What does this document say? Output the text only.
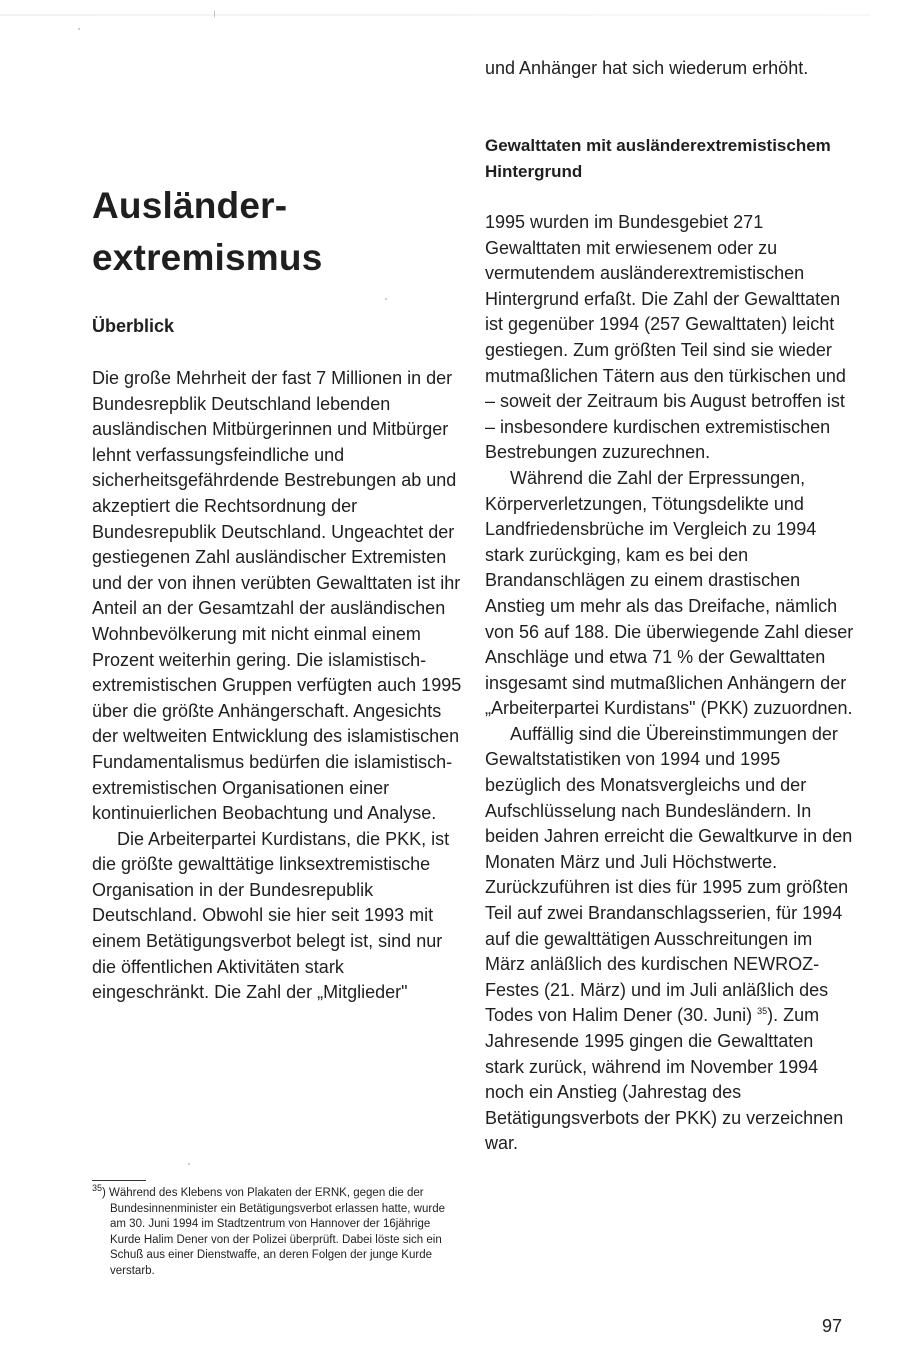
Ausländer-extremismus
Überblick

Die große Mehrheit der fast 7 Millionen in der Bundesrepblik Deutschland lebenden ausländischen Mitbürgerinnen und Mitbürger lehnt verfassungsfeindliche und sicherheitsgefährdende Bestrebungen ab und akzeptiert die Rechtsordnung der Bundesrepublik Deutschland. Ungeachtet der gestiegenen Zahl ausländischer Extremisten und der von ihnen verübten Gewalttaten ist ihr Anteil an der Gesamtzahl der ausländischen Wohnbevölkerung mit nicht einmal einem Prozent weiterhin gering. Die islamistisch-extremistischen Gruppen verfügten auch 1995 über die größte Anhängerschaft. Angesichts der weltweiten Entwicklung des islamistischen Fundamentalismus bedürfen die islamistisch-extremistischen Organisationen einer kontinuierlichen Beobachtung und Analyse.

Die Arbeiterpartei Kurdistans, die PKK, ist die größte gewalttätige linksextremistische Organisation in der Bundesrepublik Deutschland. Obwohl sie hier seit 1993 mit einem Betätigungsverbot belegt ist, sind nur die öffentlichen Aktivitäten stark eingeschränkt. Die Zahl der „Mitglieder"

und Anhänger hat sich wiederum erhöht.

Gewalttaten mit ausländerextremistischem Hintergrund

1995 wurden im Bundesgebiet 271 Gewalttaten mit erwiesenem oder zu vermutendem ausländerextremistischen Hintergrund erfaßt. Die Zahl der Gewalttaten ist gegenüber 1994 (257 Gewalttaten) leicht gestiegen. Zum größten Teil sind sie wieder mutmaßlichen Tätern aus den türkischen und – soweit der Zeitraum bis August betroffen ist – insbesondere kurdischen extremistischen Bestrebungen zuzurechnen.

Während die Zahl der Erpressungen, Körperverletzungen, Tötungsdelikte und Landfriedensbrüche im Vergleich zu 1994 stark zurückging, kam es bei den Brandanschlägen zu einem drastischen Anstieg um mehr als das Dreifache, nämlich von 56 auf 188. Die überwiegende Zahl dieser Anschläge und etwa 71 % der Gewalttaten insgesamt sind mutmaßlichen Anhängern der „Arbeiterpartei Kurdistans" (PKK) zuzuordnen.

Auffällig sind die Übereinstimmungen der Gewaltstatistiken von 1994 und 1995 bezüglich des Monatsvergleichs und der Aufschlüsselung nach Bundesländern. In beiden Jahren erreicht die Gewaltkurve in den Monaten März und Juli Höchstwerte. Zurückzuführen ist dies für 1995 zum größten Teil auf zwei Brandanschlagsserien, für 1994 auf die gewalttätigen Ausschreitungen im März anläßlich des kurdischen NEWROZ-Festes (21. März) und im Juli anläßlich des Todes von Halim Dener (30. Juni) $^{35}$). Zum Jahresende 1995 gingen die Gewalttaten stark zurück, während im November 1994 noch ein Anstieg (Jahrestag des Betätigungsverbots der PKK) zu verzeichnen war.

$^{35}$) Während des Klebens von Plakaten der ERNK, gegen die der Bundesinnenminister ein Betätigungsverbot erlassen hatte, wurde am 30. Juni 1994 im Stadtzentrum von Hannover der 16jährige Kurde Halim Dener von der Polizei überprüft. Dabei löste sich ein Schuß aus einer Dienstwaffe, an deren Folgen der junge Kurde verstarb.

97
